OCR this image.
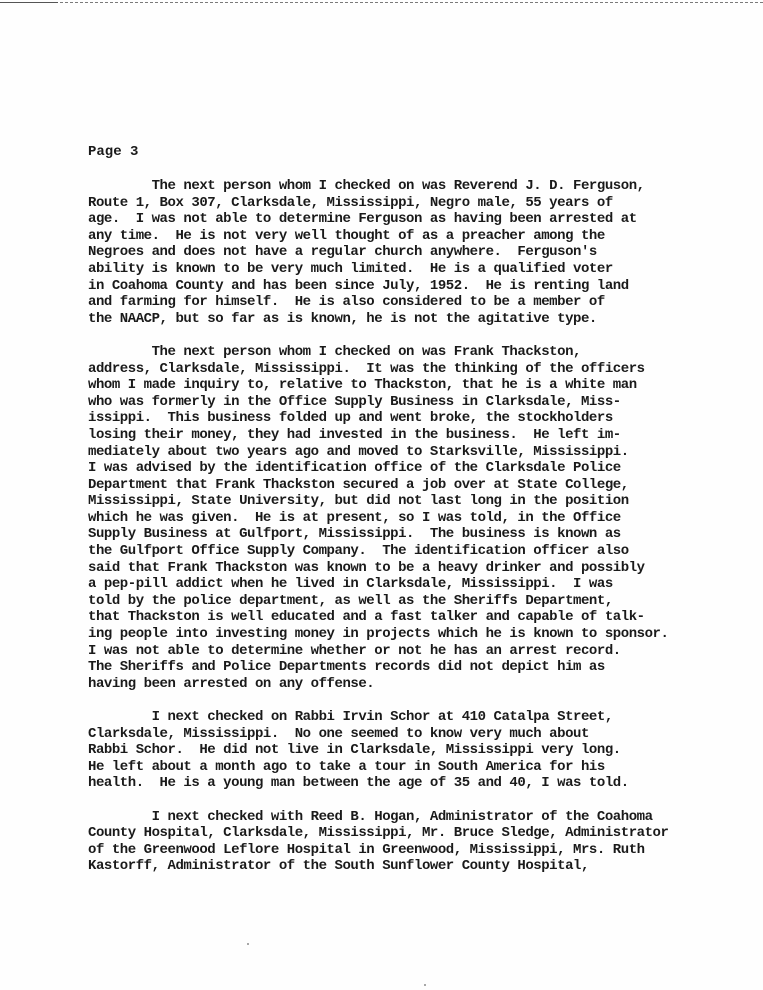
Page 3

The next person whom I checked on was Reverend J. D. Ferguson,
Route 1, Box 307, Clarksdale, Mississippi, Negro male, 55 years of
age.  I was not able to determine Ferguson as having been arrested at
any time.  He is not very well thought of as a preacher among the
Negroes and does not have a regular church anywhere.  Ferguson's
ability is known to be very much limited.  He is a qualified voter
in Coahoma County and has been since July, 1952.  He is renting land
and farming for himself.  He is also considered to be a member of
the NAACP, but so far as is known, he is not the agitative type.

The next person whom I checked on was Frank Thackston,
address, Clarksdale, Mississippi.  It was the thinking of the officers
whom I made inquiry to, relative to Thackston, that he is a white man
who was formerly in the Office Supply Business in Clarksdale, Miss-
issippi.  This business folded up and went broke, the stockholders
losing their money, they had invested in the business.  He left im-
mediately about two years ago and moved to Starksville, Mississippi.
I was advised by the identification office of the Clarksdale Police
Department that Frank Thackston secured a job over at State College,
Mississippi, State University, but did not last long in the position
which he was given.  He is at present, so I was told, in the Office
Supply Business at Gulfport, Mississippi.  The business is known as
the Gulfport Office Supply Company.  The identification officer also
said that Frank Thackston was known to be a heavy drinker and possibly
a pep-pill addict when he lived in Clarksdale, Mississippi.  I was
told by the police department, as well as the Sheriffs Department,
that Thackston is well educated and a fast talker and capable of talk-
ing people into investing money in projects which he is known to sponsor.
I was not able to determine whether or not he has an arrest record.
The Sheriffs and Police Departments records did not depict him as
having been arrested on any offense.

I next checked on Rabbi Irvin Schor at 410 Catalpa Street,
Clarksdale, Mississippi.  No one seemed to know very much about
Rabbi Schor.  He did not live in Clarksdale, Mississippi very long.
He left about a month ago to take a tour in South America for his
health.  He is a young man between the age of 35 and 40, I was told.

I next checked with Reed B. Hogan, Administrator of the Coahoma
County Hospital, Clarksdale, Mississippi, Mr. Bruce Sledge, Administrator
of the Greenwood Leflore Hospital in Greenwood, Mississippi, Mrs. Ruth
Kastorff, Administrator of the South Sunflower County Hospital,
